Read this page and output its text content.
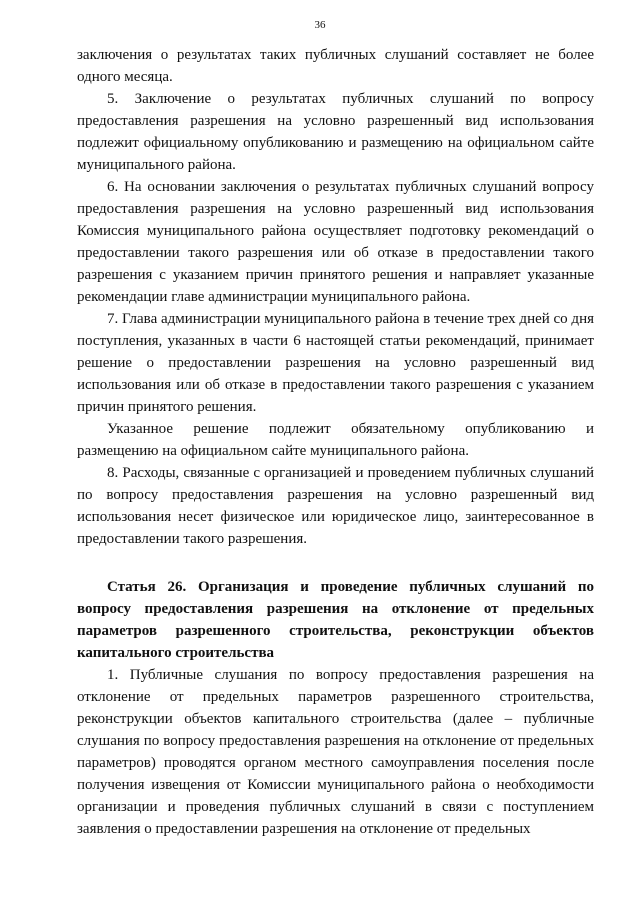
36

заключения о результатах таких публичных слушаний составляет не более одного месяца.

5. Заключение о результатах публичных слушаний по вопросу предоставления разрешения на условно разрешенный вид использования подлежит официальному опубликованию и размещению на официальном сайте муниципального района.

6. На основании заключения о результатах публичных слушаний вопросу предоставления разрешения на условно разрешенный вид использования Комиссия муниципального района осуществляет подготовку рекомендаций о предоставлении такого разрешения или об отказе в предоставлении такого разрешения с указанием причин принятого решения и направляет указанные рекомендации главе администрации муниципального района.

7. Глава администрации муниципального района в течение трех дней со дня поступления, указанных в части 6 настоящей статьи рекомендаций, принимает решение о предоставлении разрешения на условно разрешенный вид использования или об отказе в предоставлении такого разрешения с указанием причин принятого решения.

Указанное решение подлежит обязательному опубликованию и размещению на официальном сайте муниципального района.

8. Расходы, связанные с организацией и проведением публичных слушаний по вопросу предоставления разрешения на условно разрешенный вид использования несет физическое или юридическое лицо, заинтересованное в предоставлении такого разрешения.

Статья 26. Организация и проведение публичных слушаний по вопросу предоставления разрешения на отклонение от предельных параметров разрешенного строительства, реконструкции объектов капитального строительства

1. Публичные слушания по вопросу предоставления разрешения на отклонение от предельных параметров разрешенного строительства, реконструкции объектов капитального строительства (далее – публичные слушания по вопросу предоставления разрешения на отклонение от предельных параметров) проводятся органом местного самоуправления поселения после получения извещения от Комиссии муниципального района о необходимости организации и проведения публичных слушаний в связи с поступлением заявления о предоставлении разрешения на отклонение от предельных
